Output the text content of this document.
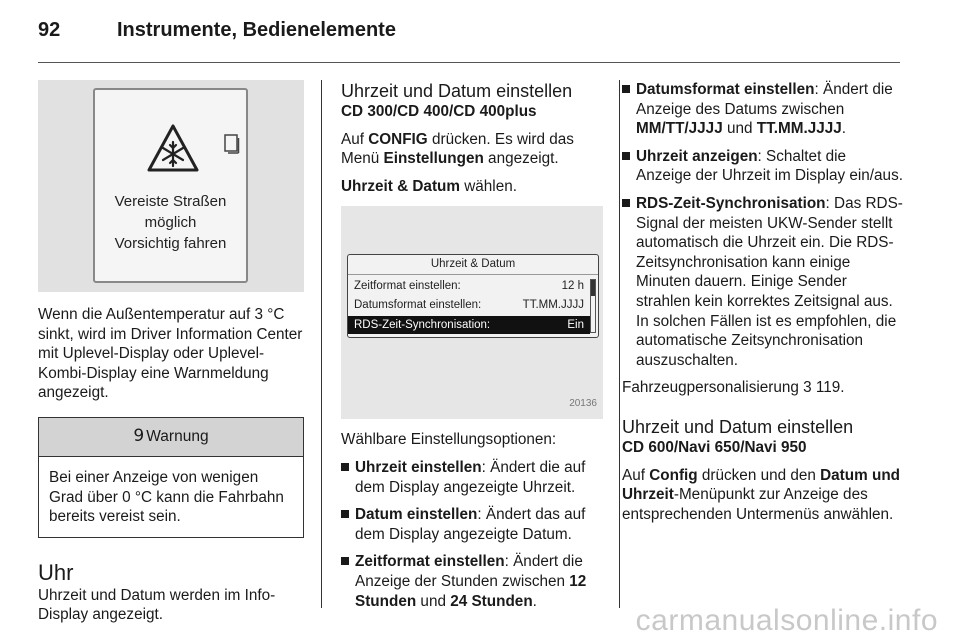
92	Instrumente, Bedienelemente
Vereiste Straßen
möglich
Vorsichtig fahren

Wenn die Außentemperatur auf 3 °C sinkt, wird im Driver Information Center mit Uplevel-Display oder Uplevel-Kombi-Display eine Warnmeldung angezeigt.

9 Warnung
Bei einer Anzeige von wenigen Grad über 0 °C kann die Fahrbahn bereits vereist sein.
Uhr

Uhrzeit und Datum werden im Info-Display angezeigt.

Uhrzeit und Datum einstellen

CD 300/CD 400/CD 400plus

Auf CONFIG drücken. Es wird das Menü Einstellungen angezeigt.

Uhrzeit & Datum wählen.

Uhrzeit & Datum
Zeitformat einstellen:	12 h
Datumsformat einstellen:	TT.MM.JJJJ
RDS-Zeit-Synchronisation:	Ein
20136

Wählbare Einstellungsoptionen:

Uhrzeit einstellen: Ändert die auf dem Display angezeigte Uhrzeit.
Datum einstellen: Ändert das auf dem Display angezeigte Datum.
Zeitformat einstellen: Ändert die Anzeige der Stunden zwischen 12 Stunden und 24 Stunden.
Datumsformat einstellen: Ändert die Anzeige des Datums zwischen MM/TT/JJJJ und TT.MM.JJJJ.
Uhrzeit anzeigen: Schaltet die Anzeige der Uhrzeit im Display ein/aus.
RDS-Zeit-Synchronisation: Das RDS-Signal der meisten UKW-Sender stellt automatisch die Uhrzeit ein. Die RDS-Zeitsynchronisation kann einige Minuten dauern. Einige Sender strahlen kein korrektes Zeitsignal aus. In solchen Fällen ist es empfohlen, die automatische Zeitsynchronisation auszuschalten.

Fahrzeugpersonalisierung 3 119.

Uhrzeit und Datum einstellen

CD 600/Navi 650/Navi 950

Auf Config drücken und den Datum und Uhrzeit-Menüpunkt zur Anzeige des entsprechenden Untermenüs anwählen.

carmanualsonline.info
